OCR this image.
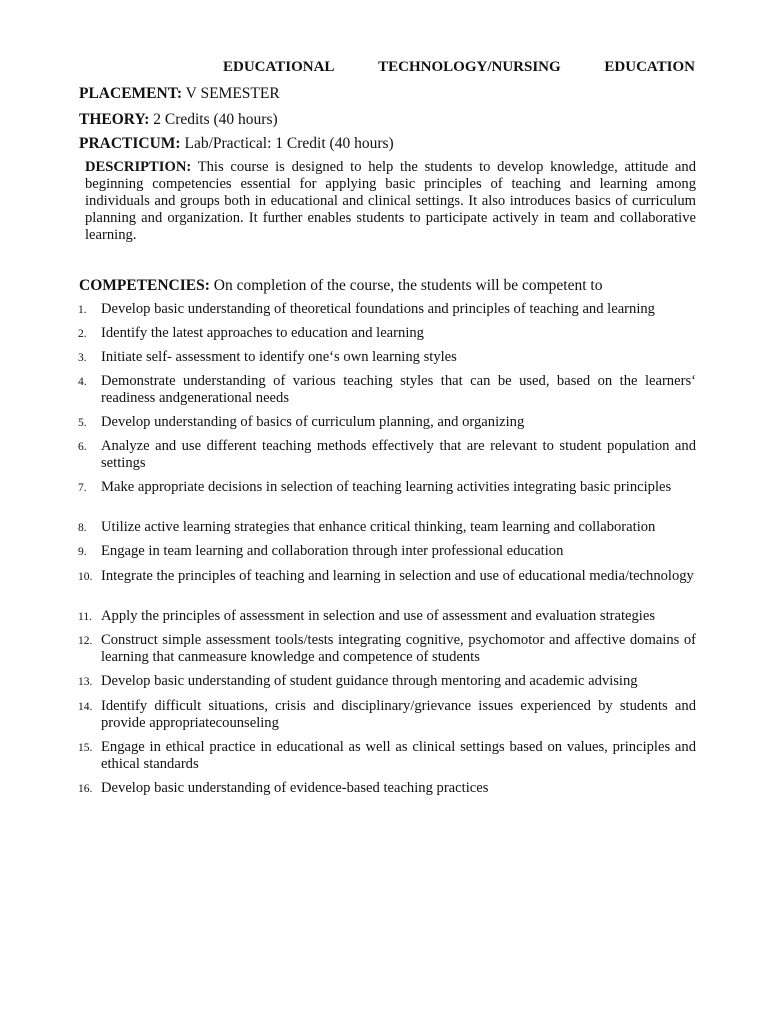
EDUCATIONAL	TECHNOLOGY/NURSING	EDUCATION
PLACEMENT: V SEMESTER
THEORY: 2 Credits (40 hours)
PRACTICUM: Lab/Practical: 1 Credit (40 hours)

DESCRIPTION: This course is designed to help the students to develop knowledge, attitude and beginning competencies essential for applying basic principles of teaching and learning among individuals and groups both in educational and clinical settings. It also introduces basics of curriculum planning and organization. It further enables students to participate actively in team and collaborative learning.

COMPETENCIES: On completion of the course, the students will be competent to
1. Develop basic understanding of theoretical foundations and principles of teaching and learning
2. Identify the latest approaches to education and learning
3. Initiate self- assessment to identify one‘s own learning styles
4. Demonstrate understanding of various teaching styles that can be used, based on the learners‘ readiness andgenerational needs
5. Develop understanding of basics of curriculum planning, and organizing
6. Analyze and use different teaching methods effectively that are relevant to student population and settings
7. Make appropriate decisions in selection of teaching learning activities integrating basic principles
8. Utilize active learning strategies that enhance critical thinking, team learning and collaboration
9. Engage in team learning and collaboration through inter professional education
10. Integrate the principles of teaching and learning in selection and use of educational media/technology
11. Apply the principles of assessment in selection and use of assessment and evaluation strategies
12. Construct simple assessment tools/tests integrating cognitive, psychomotor and affective domains of learning that canmeasure knowledge and competence of students
13. Develop basic understanding of student guidance through mentoring and academic advising
14. Identify difficult situations, crisis and disciplinary/grievance issues experienced by students and provide appropriatecounseling
15. Engage in ethical practice in educational as well as clinical settings based on values, principles and ethical standards
16. Develop basic understanding of evidence-based teaching practices
